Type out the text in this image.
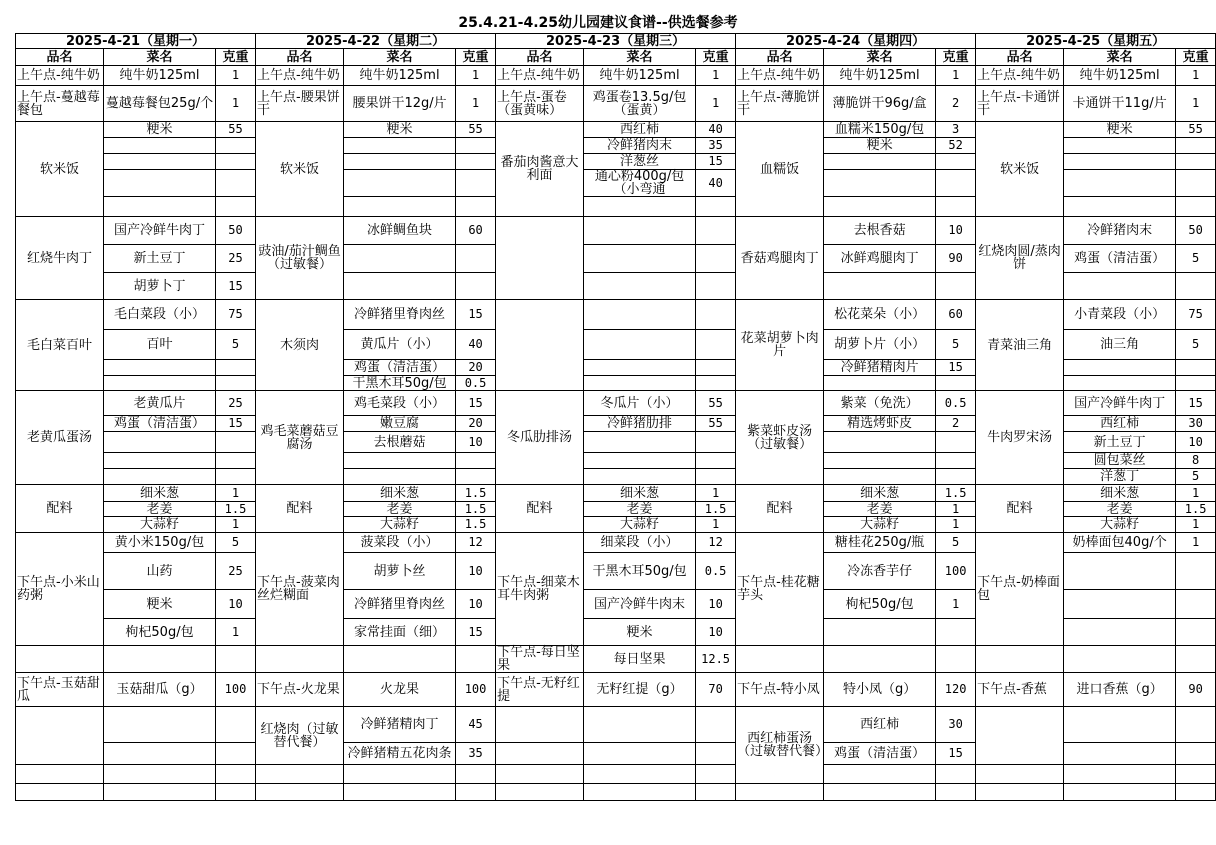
25.4.21-4.25幼儿园建议食谱--供选餐参考
2025-4-21（星期一）			2025-4-22（星期二）			2025-4-23（星期三）			2025-4-24（星期四）			2025-4-25（星期五）		
品名	菜名	克重	品名	菜名	克重	品名	菜名	克重	品名	菜名	克重	品名	菜名	克重
上午点-纯牛奶	纯牛奶125ml	1	上午点-纯牛奶	纯牛奶125ml	1	上午点-纯牛奶	纯牛奶125ml	1	上午点-纯牛奶	纯牛奶125ml	1	上午点-纯牛奶	纯牛奶125ml	1
上午点-蔓越莓餐包	蔓越莓餐包25g/个	1	上午点-腰果饼干	腰果饼干12g/片	1	上午点-蛋卷（蛋黄味）	鸡蛋卷13.5g/包（蛋黄）	1	上午点-薄脆饼干	薄脆饼干96g/盒	2	上午点-卡通饼干	卡通饼干11g/片	1
软米饭	粳米	55	软米饭	粳米	55	番茄肉酱意大利面	西红柿	40	血糯饭	血糯米150g/包	3	软米饭	粳米	55
							冷鲜猪肉末	35		粳米	52			
							洋葱丝	15						
							通心粉400g/包（小弯通	40						

红烧牛肉丁	国产冷鲜牛肉丁	50	豉油/茄汁鲷鱼（过敏餐）	冰鲜鲷鱼块	60				香菇鸡腿肉丁	去根香菇	10	红烧肉圆/蒸肉饼	冷鲜猪肉末	50
	新土豆丁	25								冰鲜鸡腿肉丁	90		鸡蛋（清洁蛋）	5
	胡萝卜丁	15												
毛白菜百叶	毛白菜段（小）	75	木须肉	冷鲜猪里脊肉丝	15				花菜胡萝卜肉片	松花菜朵（小）	60	青菜油三角	小青菜段（小）	75
	百叶	5		黄瓜片（小）	40					胡萝卜片（小）	5		油三角	5
				鸡蛋（清洁蛋）	20					冷鲜猪精肉片	15			
				干黑木耳50g/包	0.5									
老黄瓜蛋汤	老黄瓜片	25	鸡毛菜蘑菇豆腐汤	鸡毛菜段（小）	15	冬瓜肋排汤	冬瓜片（小）	55	紫菜虾皮汤（过敏餐）	紫菜（免洗）	0.5	牛肉罗宋汤	国产冷鲜牛肉丁	15
	鸡蛋（清洁蛋）	15		嫩豆腐	20		冷鲜猪肋排	55		精选烤虾皮	2		西红柿	30
				去根蘑菇	10								新土豆丁	10
													圆包菜丝	8
													洋葱丁	5
配料	细米葱	1	配料	细米葱	1.5	配料	细米葱	1	配料	细米葱	1.5	配料	细米葱	1
	老姜	1.5		老姜	1.5		老姜	1.5		老姜	1		老姜	1.5
	大蒜籽	1		大蒜籽	1.5		大蒜籽	1		大蒜籽	1		大蒜籽	1
下午点-小米山药粥	黄小米150g/包	5	下午点-菠菜肉丝烂糊面	菠菜段（小）	12	下午点-细菜木耳牛肉粥	细菜段（小）	12	下午点-桂花糖芋头	糖桂花250g/瓶	5	下午点-奶棒面包	奶棒面包40g/个	1
	山药	25		胡萝卜丝	10		干黑木耳50g/包	0.5		冷冻香芋仔	100			
	粳米	10		冷鲜猪里脊肉丝	10		国产冷鲜牛肉末	10		枸杞50g/包	1			
	枸杞50g/包	1		家常挂面（细）	15		粳米	10						
						下午点-每日坚果	每日坚果	12.5						
下午点-玉菇甜瓜	玉菇甜瓜（g）	100	下午点-火龙果	火龙果	100	下午点-无籽红提	无籽红提（g）	70	下午点-特小凤	特小凤（g）	120	下午点-香蕉	进口香蕉（g）	90
			红烧肉（过敏替代餐）	冷鲜猪精肉丁	45				西红柿蛋汤（过敏替代餐）	西红柿	30			
				冷鲜猪精五花肉条	35					鸡蛋（清洁蛋）	15			
